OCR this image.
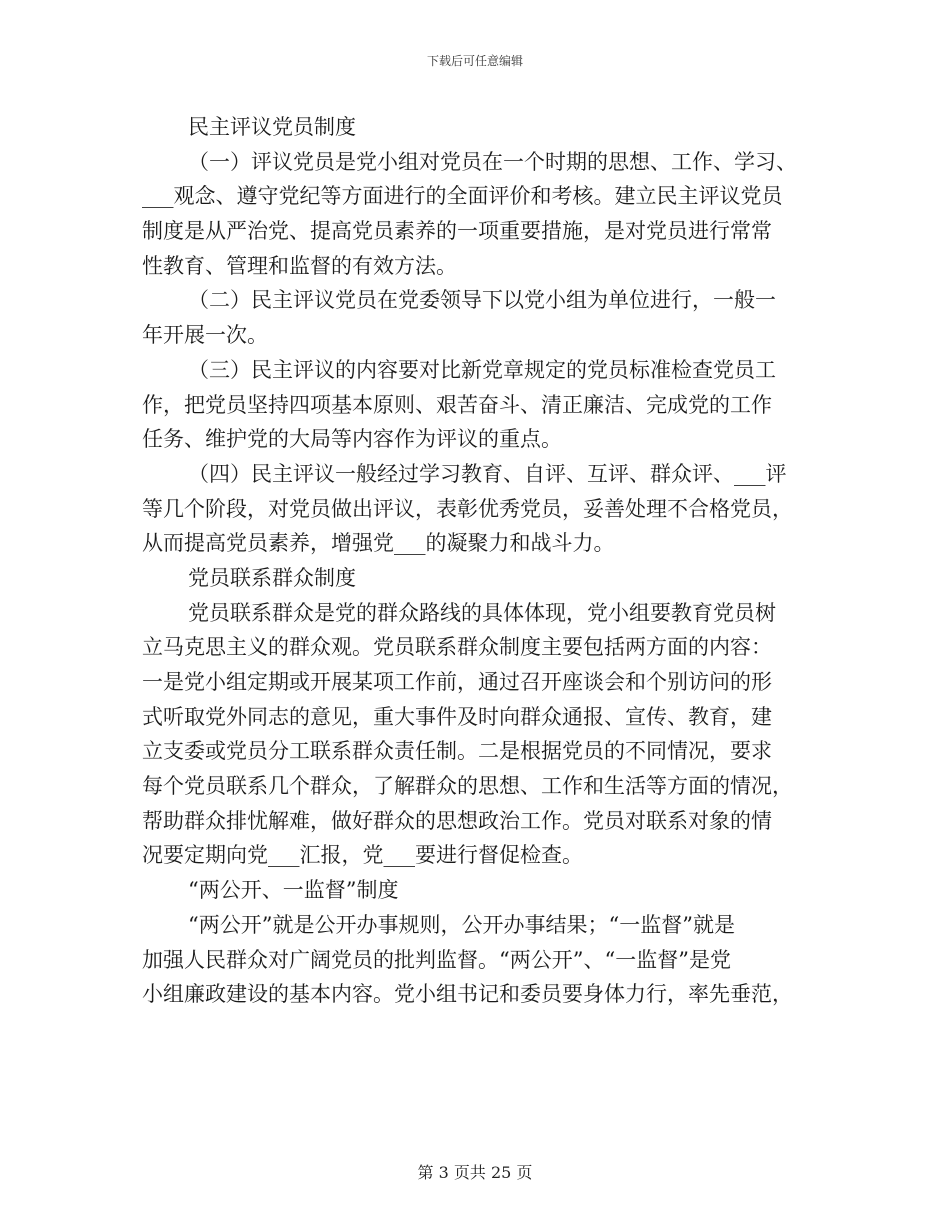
下载后可任意编辑
民主评议党员制度
（一）评议党员是党小组对党员在一个时期的思想、工作、学习、
___观念、遵守党纪等方面进行的全面评价和考核。建立民主评议党员
制度是从严治党、提高党员素养的一项重要措施，是对党员进行常常
性教育、管理和监督的有效方法。
（二）民主评议党员在党委领导下以党小组为单位进行，一般一
年开展一次。
（三）民主评议的内容要对比新党章规定的党员标准检查党员工
作，把党员坚持四项基本原则、艰苦奋斗、清正廉洁、完成党的工作
任务、维护党的大局等内容作为评议的重点。
（四）民主评议一般经过学习教育、自评、互评、群众评、___评
等几个阶段，对党员做出评议，表彰优秀党员，妥善处理不合格党员，
从而提高党员素养，增强党___的凝聚力和战斗力。
党员联系群众制度
党员联系群众是党的群众路线的具体体现，党小组要教育党员树
立马克思主义的群众观。党员联系群众制度主要包括两方面的内容：
一是党小组定期或开展某项工作前，通过召开座谈会和个别访问的形
式听取党外同志的意见，重大事件及时向群众通报、宣传、教育，建
立支委或党员分工联系群众责任制。二是根据党员的不同情况，要求
每个党员联系几个群众，了解群众的思想、工作和生活等方面的情况，
帮助群众排忧解难，做好群众的思想政治工作。党员对联系对象的情
况要定期向党___汇报，党___要进行督促检查。
“两公开、一监督”制度
“两公开”就是公开办事规则，公开办事结果；“一监督”就是
加强人民群众对广阔党员的批判监督。“两公开”、“一监督”是党
小组廉政建设的基本内容。党小组书记和委员要身体力行，率先垂范，
第 3 页共 25 页
